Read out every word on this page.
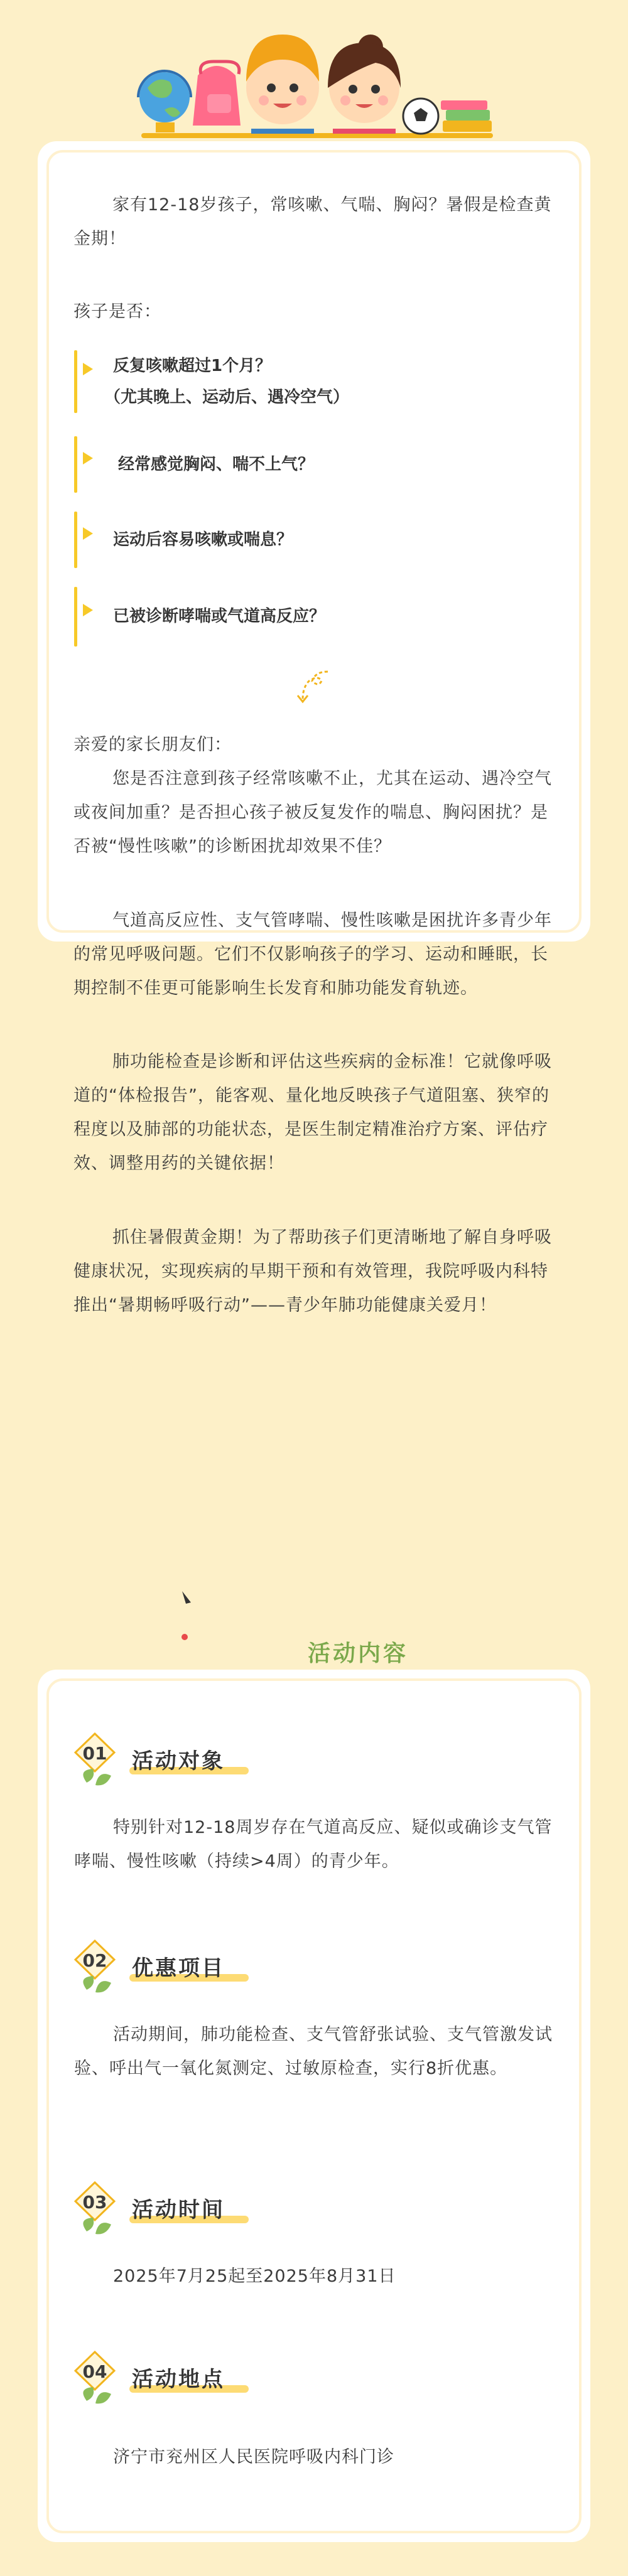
家有12-18岁孩子，常咳嗽、气喘、胸闷？暑假是检查黄金期！

孩子是否：

反复咳嗽超过1个月？
（尤其晚上、运动后、遇冷空气）
经常感觉胸闷、喘不上气？
运动后容易咳嗽或喘息？
已被诊断哮喘或气道高反应？

亲爱的家长朋友们：

您是否注意到孩子经常咳嗽不止，尤其在运动、遇冷空气或夜间加重？是否担心孩子被反复发作的喘息、胸闷困扰？是否被“慢性咳嗽”的诊断困扰却效果不佳？

气道高反应性、支气管哮喘、慢性咳嗽是困扰许多青少年的常见呼吸问题。它们不仅影响孩子的学习、运动和睡眠，长期控制不佳更可能影响生长发育和肺功能发育轨迹。

肺功能检查是诊断和评估这些疾病的金标准！它就像呼吸道的“体检报告”，能客观、量化地反映孩子气道阻塞、狭窄的程度以及肺部的功能状态，是医生制定精准治疗方案、评估疗效、调整用药的关键依据！

抓住暑假黄金期！为了帮助孩子们更清晰地了解自身呼吸健康状况，实现疾病的早期干预和有效管理，我院呼吸内科特推出“暑期畅呼吸行动”——青少年肺功能健康关爱月！

活动内容
01	活动对象

特别针对12-18周岁存在气道高反应、疑似或确诊支气管哮喘、慢性咳嗽（持续>4周）的青少年。

02	优惠项目

活动期间，肺功能检查、支气管舒张试验、支气管激发试验、呼出气一氧化氮测定、过敏原检查，实行8折优惠。

03	活动时间

2025年7月25起至2025年8月31日

04	活动地点

济宁市兖州区人民医院呼吸内科门诊
